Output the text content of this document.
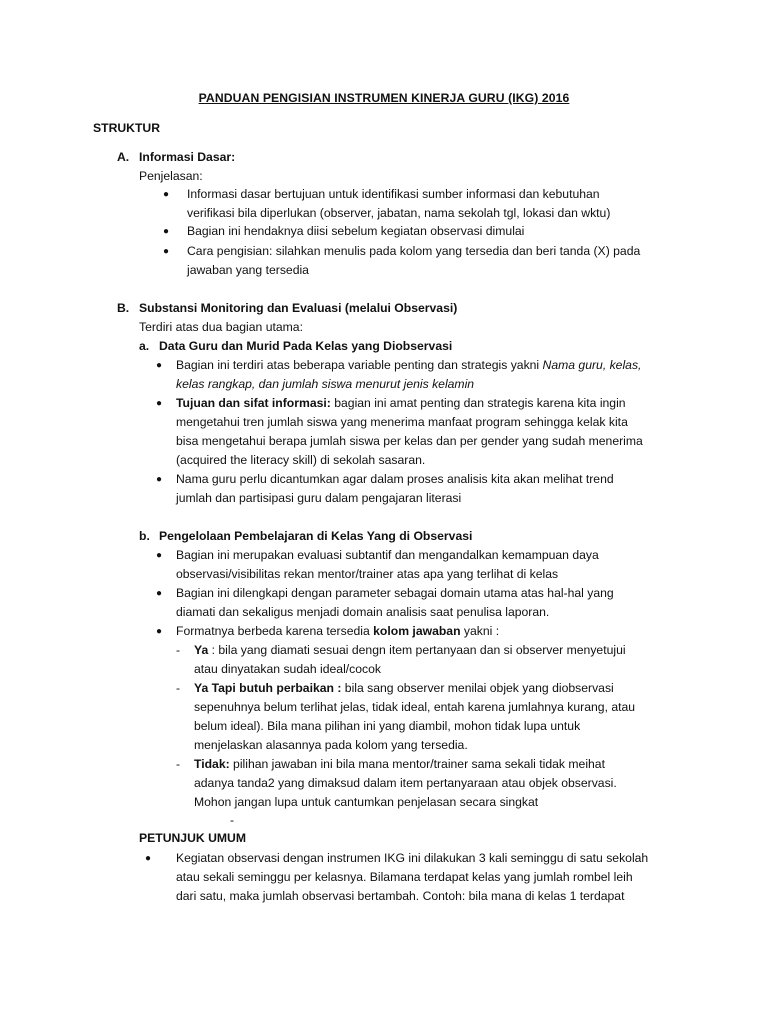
PANDUAN PENGISIAN INSTRUMEN KINERJA GURU (IKG) 2016
STRUKTUR
A. Informasi Dasar:
Penjelasan:
● Informasi dasar bertujuan untuk identifikasi sumber informasi dan kebutuhan
verifikasi bila diperlukan (observer, jabatan, nama sekolah tgl, lokasi dan wktu)
● Bagian ini hendaknya diisi sebelum kegiatan observasi dimulai
● Cara pengisian: silahkan menulis pada kolom yang tersedia dan beri tanda (X) pada
jawaban yang tersedia
B. Substansi Monitoring dan Evaluasi (melalui Observasi)
Terdiri atas dua bagian utama:
a. Data Guru dan Murid Pada Kelas yang Diobservasi
● Bagian ini terdiri atas beberapa variable penting dan strategis yakni Nama guru, kelas,
kelas rangkap, dan jumlah siswa menurut jenis kelamin
● Tujuan dan sifat informasi: bagian ini amat penting dan strategis karena kita ingin
mengetahui tren jumlah siswa yang menerima manfaat program sehingga kelak kita
bisa mengetahui berapa jumlah siswa per kelas dan per gender yang sudah menerima
(acquired the literacy skill) di sekolah sasaran.
● Nama guru perlu dicantumkan agar dalam proses analisis kita akan melihat trend
jumlah dan partisipasi guru dalam pengajaran literasi
b. Pengelolaan Pembelajaran di Kelas Yang di Observasi
● Bagian ini merupakan evaluasi subtantif dan mengandalkan kemampuan daya
observasi/visibilitas rekan mentor/trainer atas apa yang terlihat di kelas
● Bagian ini dilengkapi dengan parameter sebagai domain utama atas hal-hal yang
diamati dan sekaligus menjadi domain analisis saat penulisa laporan.
● Formatnya berbeda karena tersedia kolom jawaban yakni :
- Ya : bila yang diamati sesuai dengn item pertanyaan dan si observer menyetujui
atau dinyatakan sudah ideal/cocok
- Ya Tapi butuh perbaikan : bila sang observer menilai objek yang diobservasi
sepenuhnya belum terlihat jelas, tidak ideal, entah karena jumlahnya kurang, atau
belum ideal). Bila mana pilihan ini yang diambil, mohon tidak lupa untuk
menjelaskan alasannya pada kolom yang tersedia.
- Tidak: pilihan jawaban ini bila mana mentor/trainer sama sekali tidak meihat
adanya tanda2 yang dimaksud dalam item pertanyaraan atau objek observasi.
Mohon jangan lupa untuk cantumkan penjelasan secara singkat
-
PETUNJUK UMUM
● Kegiatan observasi dengan instrumen IKG ini dilakukan 3 kali seminggu di satu sekolah
atau sekali seminggu per kelasnya. Bilamana terdapat kelas yang jumlah rombel leih
dari satu, maka jumlah observasi bertambah. Contoh: bila mana di kelas 1 terdapat
